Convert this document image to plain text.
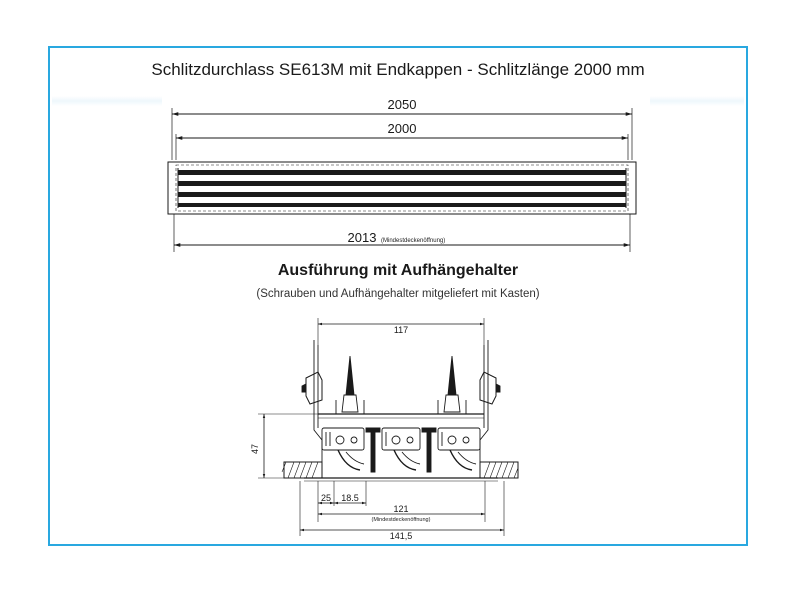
Schlitzdurchlass SE613M mit Endkappen - Schlitzlänge 2000 mm
Ausführung mit Aufhängehalter
(Schrauben und Aufhängehalter mitgeliefert mit Kasten)
2050
2000
2013 (Mindestdeckenöffnung)
117
47
25 18.5
121
(Mindestdeckenöffnung)
141,5
